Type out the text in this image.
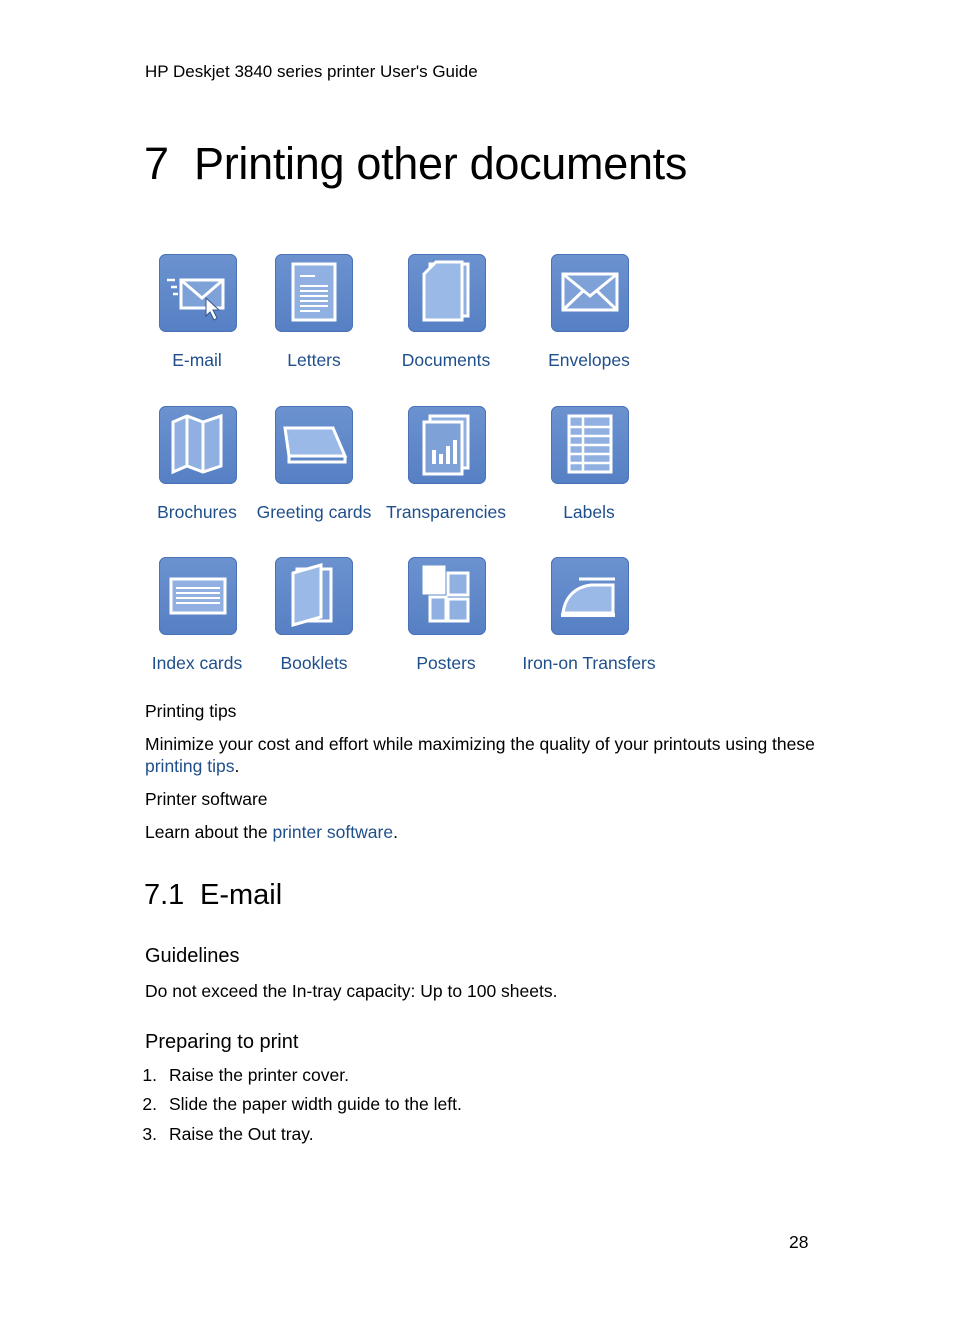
HP Deskjet 3840 series printer User's Guide
7 Printing other documents
E-mail	Letters	Documents	Envelopes
Brochures	Greeting cards Transparencies	Labels
Index cards	Booklets	Posters	Iron-on Transfers
Printing tips
Minimize your cost and effort while maximizing the quality of your printouts using these printing tips.
Printer software
Learn about the printer software.
7.1 E-mail
Guidelines
Do not exceed the In-tray capacity: Up to 100 sheets.
Preparing to print
1. Raise the printer cover.
2. Slide the paper width guide to the left.
3. Raise the Out tray.
28
